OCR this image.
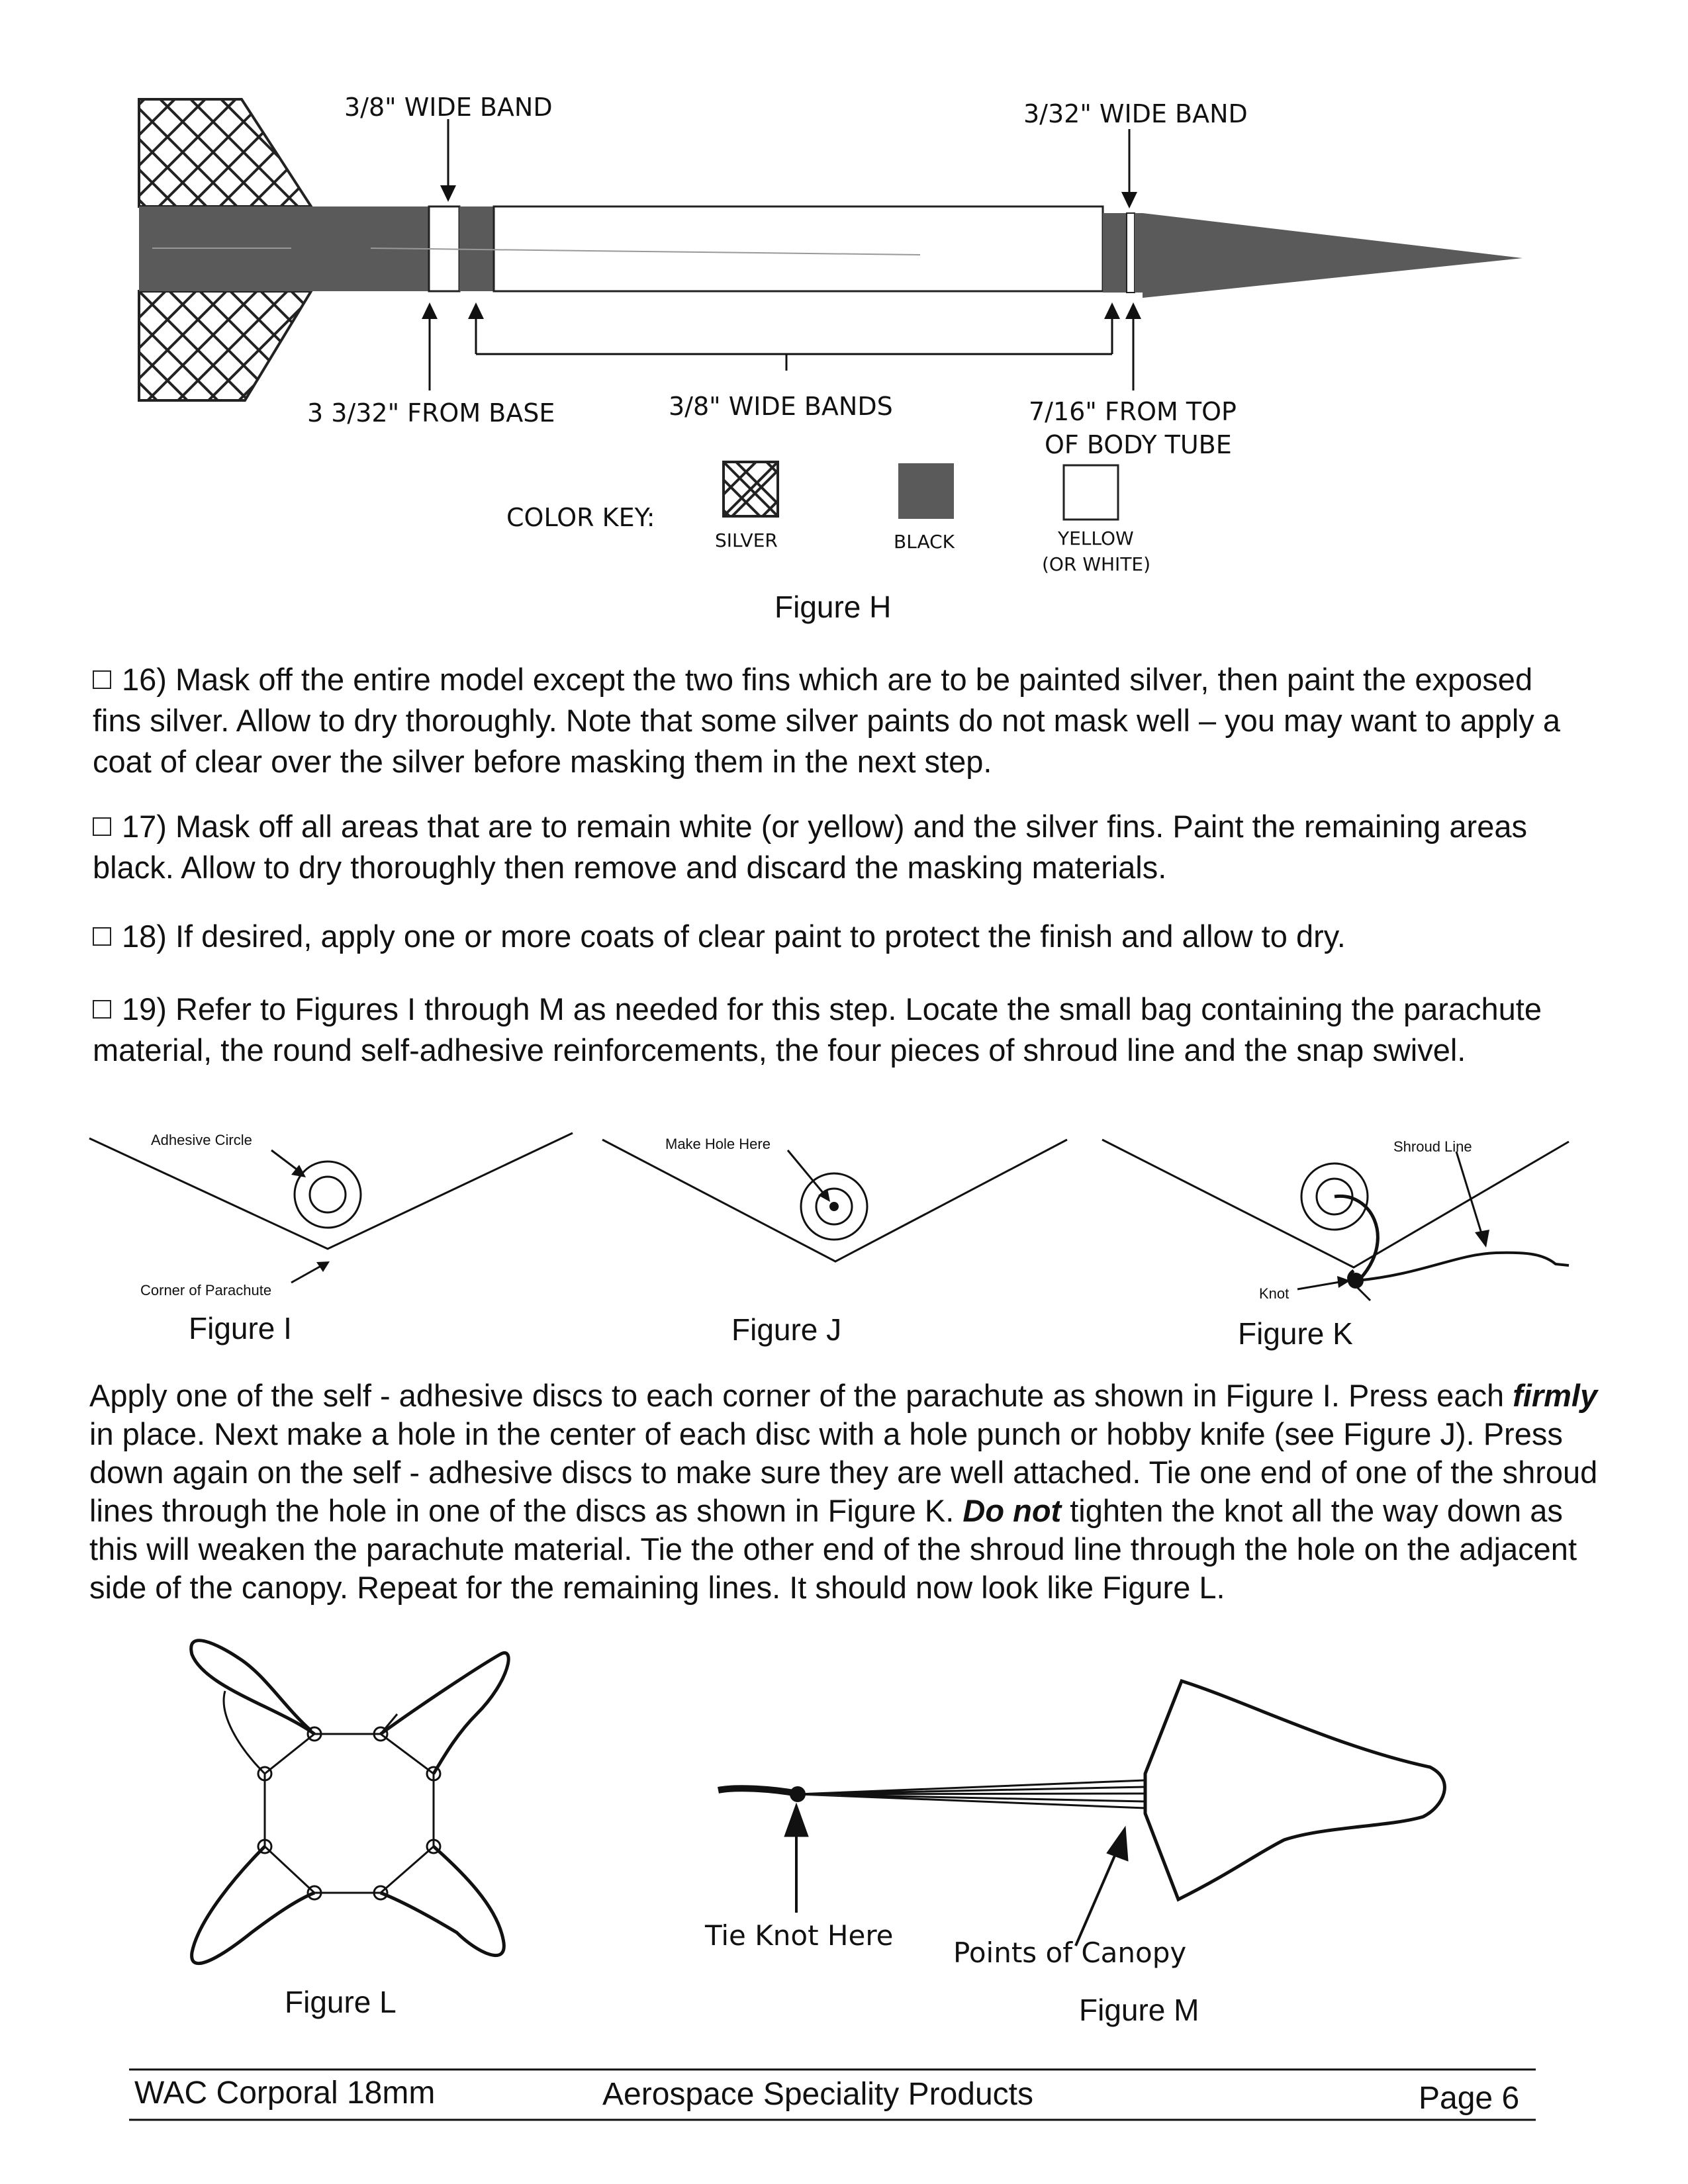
3/8" WIDE BAND	3/32" WIDE BAND
3 3/32" FROM BASE	3/8" WIDE BANDS	7/16" FROM TOP
OF BODY TUBE
COLOR KEY:
SILVER	BLACK	YELLOW
(OR WHITE)
Figure H
16) Mask off the entire model except the two fins which are to be painted silver, then paint the exposed fins silver. Allow to dry thoroughly. Note that some silver paints do not mask well – you may want to apply a coat of clear over the silver before masking them in the next step.
17) Mask off all areas that are to remain white (or yellow) and the silver fins. Paint the remaining areas black. Allow to dry thoroughly then remove and discard the masking materials.
18) If desired, apply one or more coats of clear paint to protect the finish and allow to dry.
19) Refer to Figures I through M as needed for this step. Locate the small bag containing the parachute material, the round self-adhesive reinforcements, the four pieces of shroud line and the snap swivel.
Adhesive Circle
Corner of Parachute
Figure I
Make Hole Here
Figure J
Shroud Line
Knot
Figure K
Apply one of the self - adhesive discs to each corner of the parachute as shown in Figure I. Press each firmly in place. Next make a hole in the center of each disc with a hole punch or hobby knife (see Figure J). Press down again on the self - adhesive discs to make sure they are well attached. Tie one end of one of the shroud lines through the hole in one of the discs as shown in Figure K. Do not tighten the knot all the way down as this will weaken the parachute material. Tie the other end of the shroud line through the hole on the adjacent side of the canopy. Repeat for the remaining lines. It should now look like Figure L.
Figure L
Tie Knot Here
Points of Canopy
Figure M
WAC Corporal 18mm	Aerospace Speciality Products	Page 6
